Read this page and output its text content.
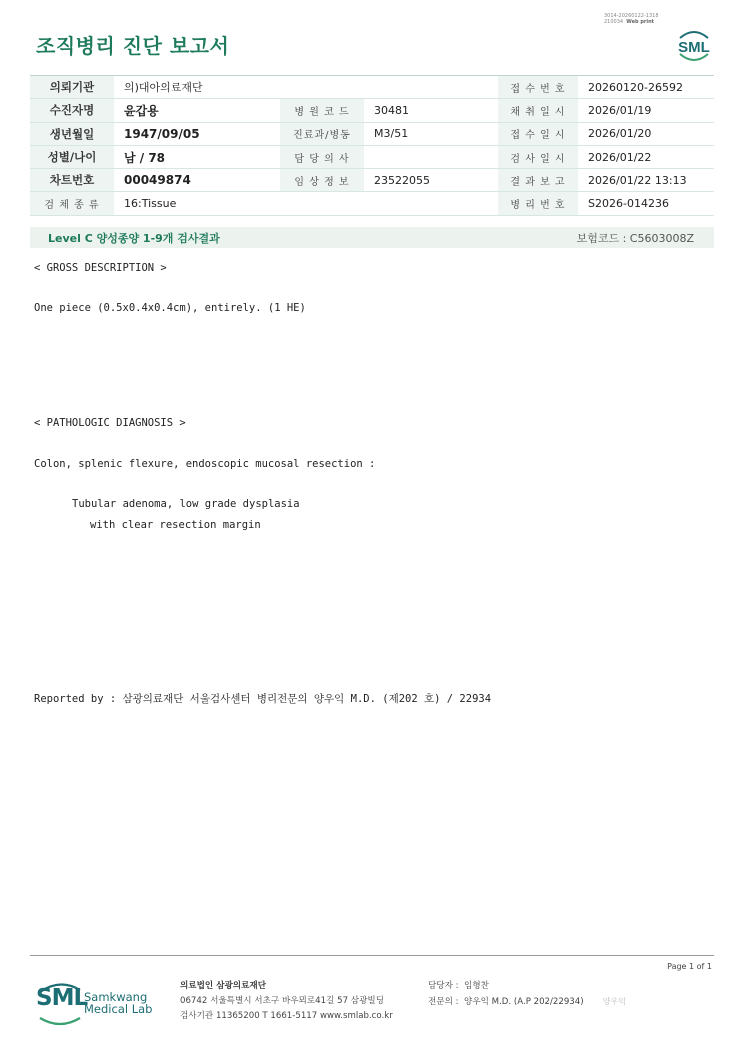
3014-20260122-1318
210034 Web print
조직병리 진단 보고서	SML
의뢰기관	의)대아의료재단			접 수 번 호	20260120-26592
수진자명	윤갑용	병 원 코 드	30481	채 취 일 시	2026/01/19
생년월일	1947/09/05	진료과/병동	M3/51	접 수 일 시	2026/01/20
성별/나이	남 / 78	담 당 의 사		검 사 일 시	2026/01/22
차트번호	00049874	임 상 정 보	23522055	결 과 보 고	2026/01/22 13:13
검 체 종 류	16:Tissue			병 리 번 호	S2026-014236
Level C 양성종양 1-9개 검사결과	보험코드 : C5603008Z
< GROSS DESCRIPTION >
One piece (0.5x0.4x0.4cm), entirely. (1 HE)
< PATHOLOGIC DIAGNOSIS >
Colon, splenic flexure, endoscopic mucosal resection :
Tubular adenoma, low grade dysplasia
with clear resection margin
Reported by : 삼광의료재단 서울검사센터 병리전문의 양우익 M.D. (제202 호) / 22934
Page 1 of 1
SML
Samkwang
Medical Lab
의료법인 삼광의료재단
06742 서울특별시 서초구 바우뫼로41길 57 삼광빌딩
검사기관 11365200 T 1661-5117 www.smlab.co.kr
담당자 : 임형찬
전문의 : 양우익 M.D. (A.P 202/22934) 양우익
